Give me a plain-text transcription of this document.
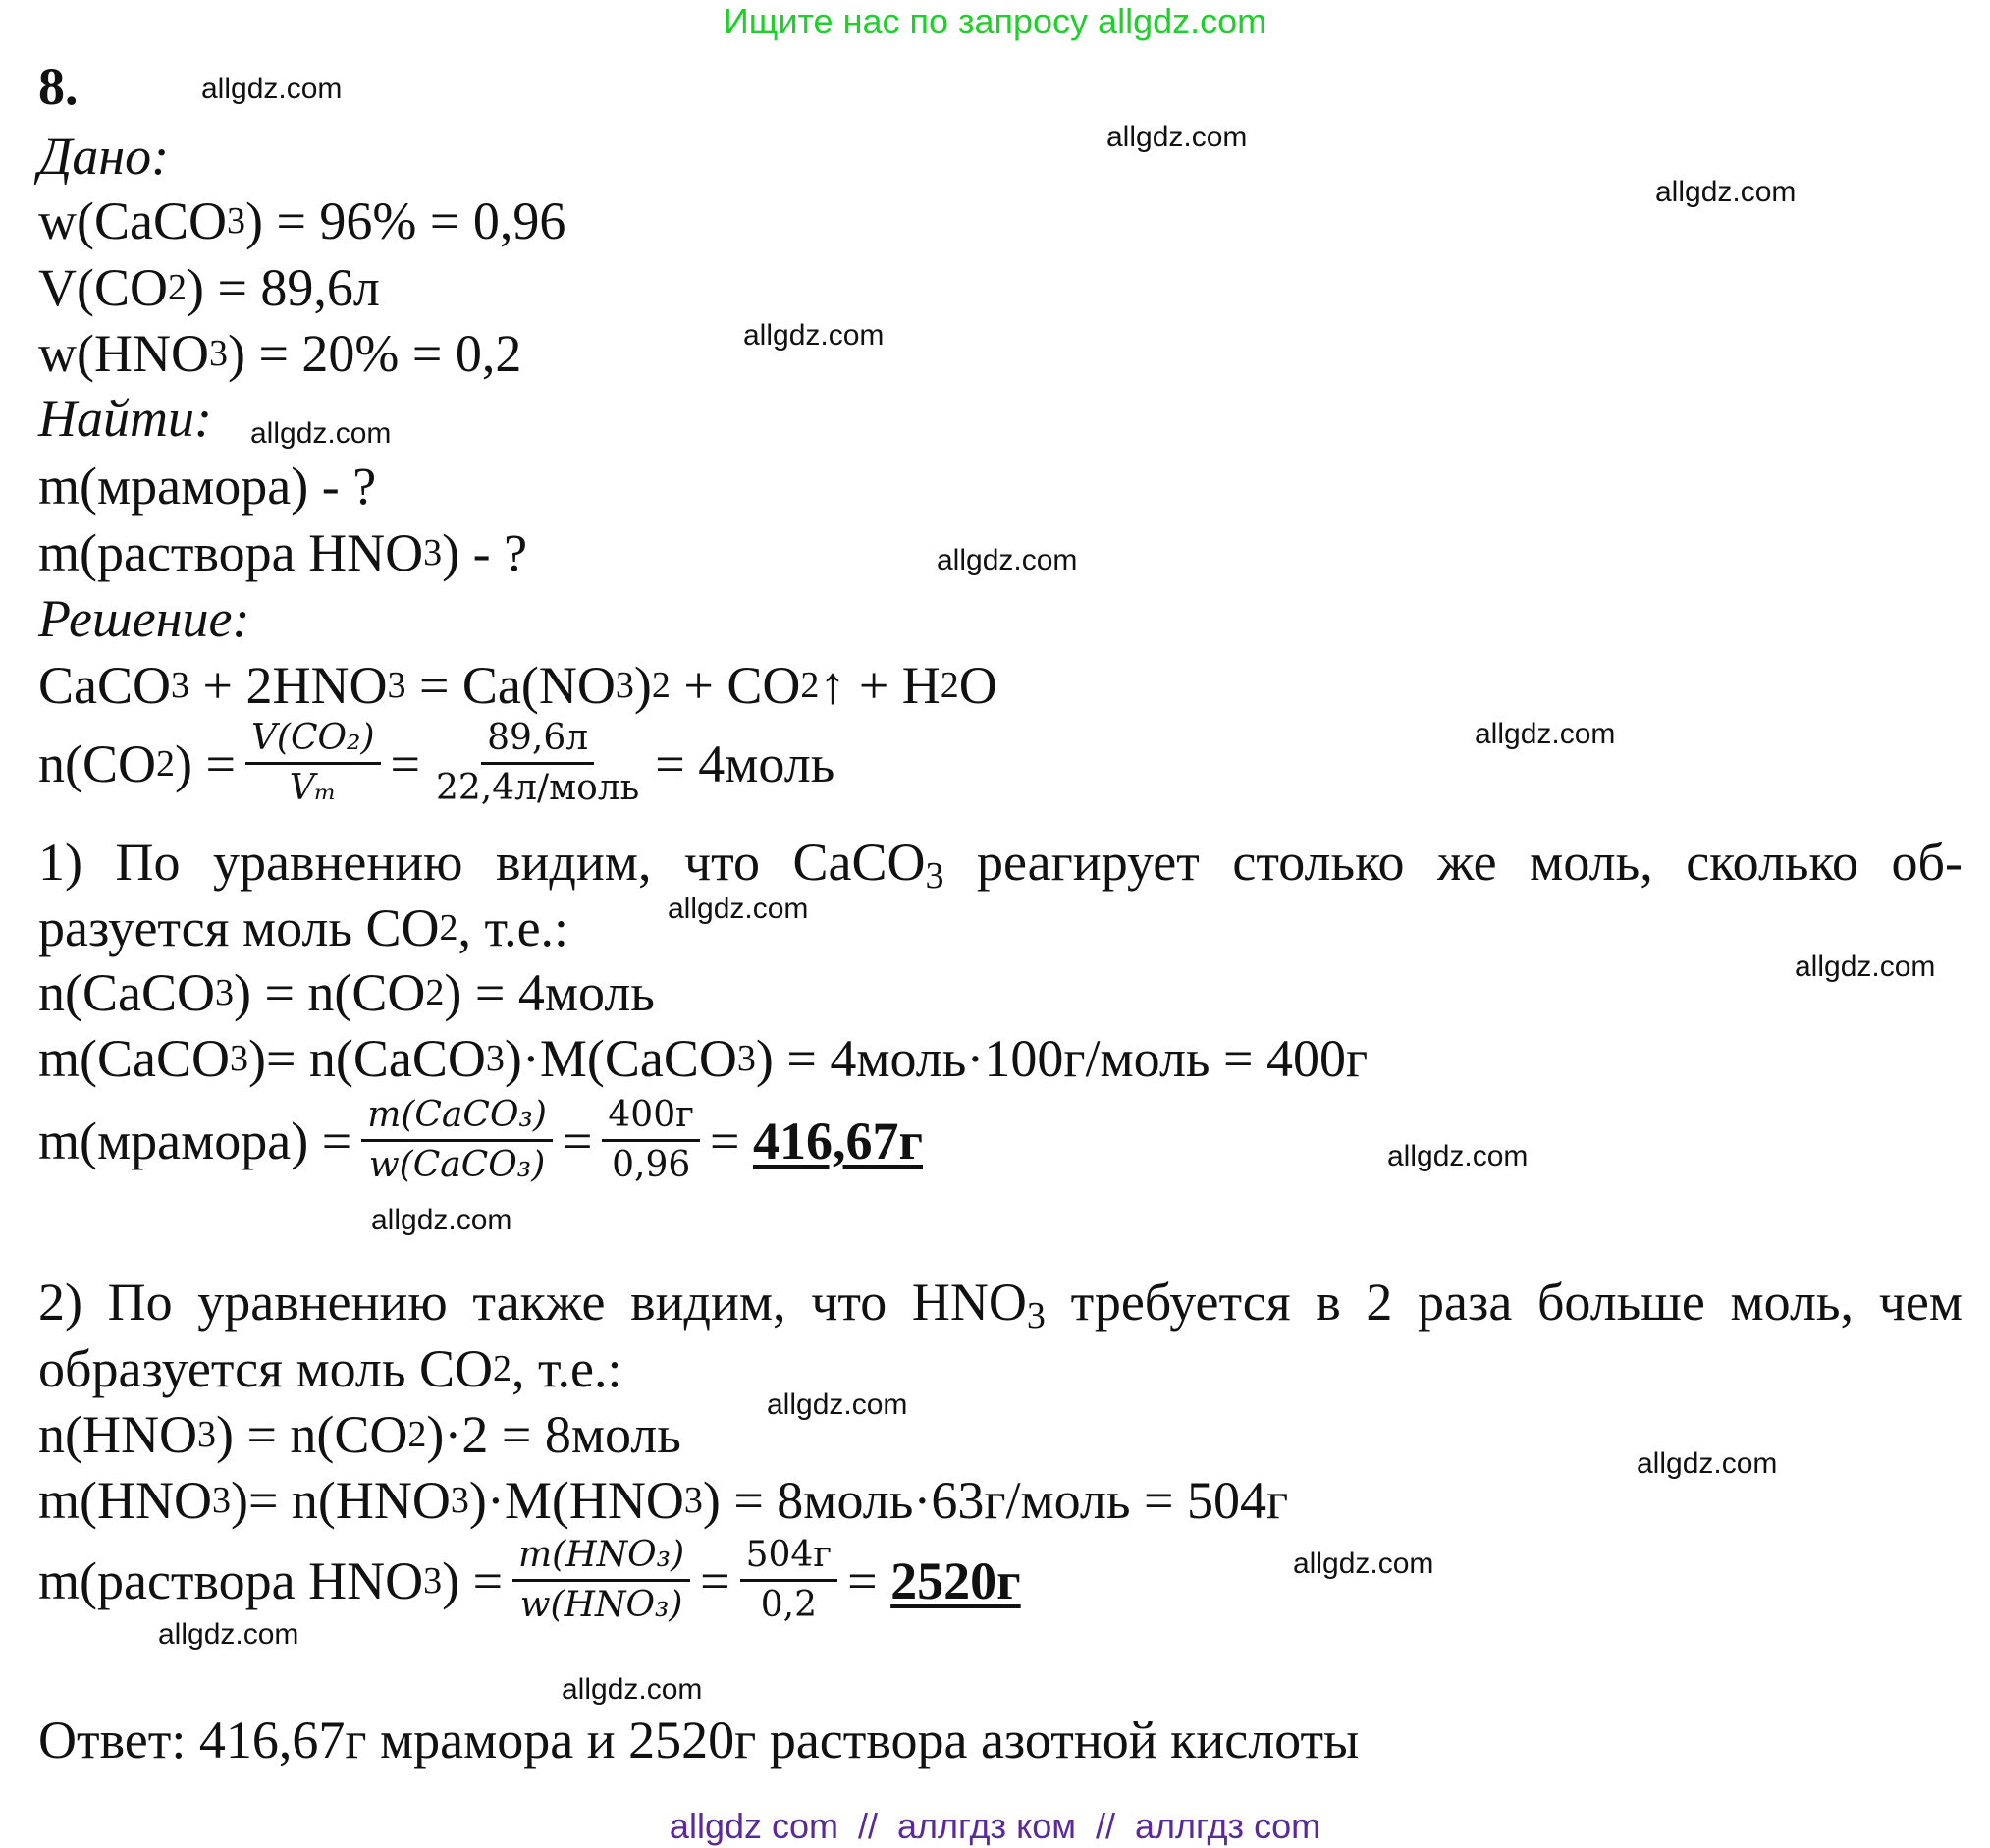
Ищите нас по запросу allgdz.com
8.
Дано:
w(CaCO 3 ) = 96% = 0,96
V(CO 2 ) = 89,6л
w(HNO 3 ) = 20% = 0,2
Найти:
m(мрамора) - ?
m(раствора HNO 3 ) - ?
Решение:
CaCO 3 + 2HNO 3 = Ca(NO 3 ) 2 + CO 2 ↑ + H 2 O
n(CO 2 ) = $\frac{\text{V(CO₂)}}{\text{Vₘ}} = \frac{89,6л}{\text{22,4л/моль}}$ = 4моль
1) По уравнению видим, что CaCO$_3$ реагирует столько же моль, сколько об-
разуется моль CO 2 , т.е.:
n(CaCO 3 ) = n(CO 2 ) = 4моль
m(CaCO 3 )= n(CaCO 3 )·M(CaCO 3 ) = 4моль·100г/моль = 400г
m(мрамора) = $\frac{\text{m(CaCO₃)}}{\text{w(CaCO₃)}} = \frac{400г}{0,96} = 416,67г$
2) По уравнению также видим, что $HNO_3$ требуется в 2 раза больше моль, чем
образуется моль CO 2 , т.е.:
n(HNO 3 ) = n(CO 2 )·2 = 8моль
m(HNO 3 )= n(HNO 3 )·M(HNO 3 ) = 8моль·63г/моль = 504г
m(раствора HNO 3 ) = $\frac{\text{m(HNO₃)}}{\text{w(HNO₃)}} = \frac{504г}{0,2} = 2520г$
Ответ: 416,67г мрамора и 2520г раствора азотной кислоты
allgdz.com
allgdz.com
allgdz.com
allgdz.com
allgdz.com
allgdz.com
allgdz.com
allgdz.com
allgdz.com
allgdz.com
allgdz.com
allgdz.com
allgdz.com
allgdz.com
allgdz.com
allgdz.com
allgdz com  //  аллгдз ком  //  аллгдз com
